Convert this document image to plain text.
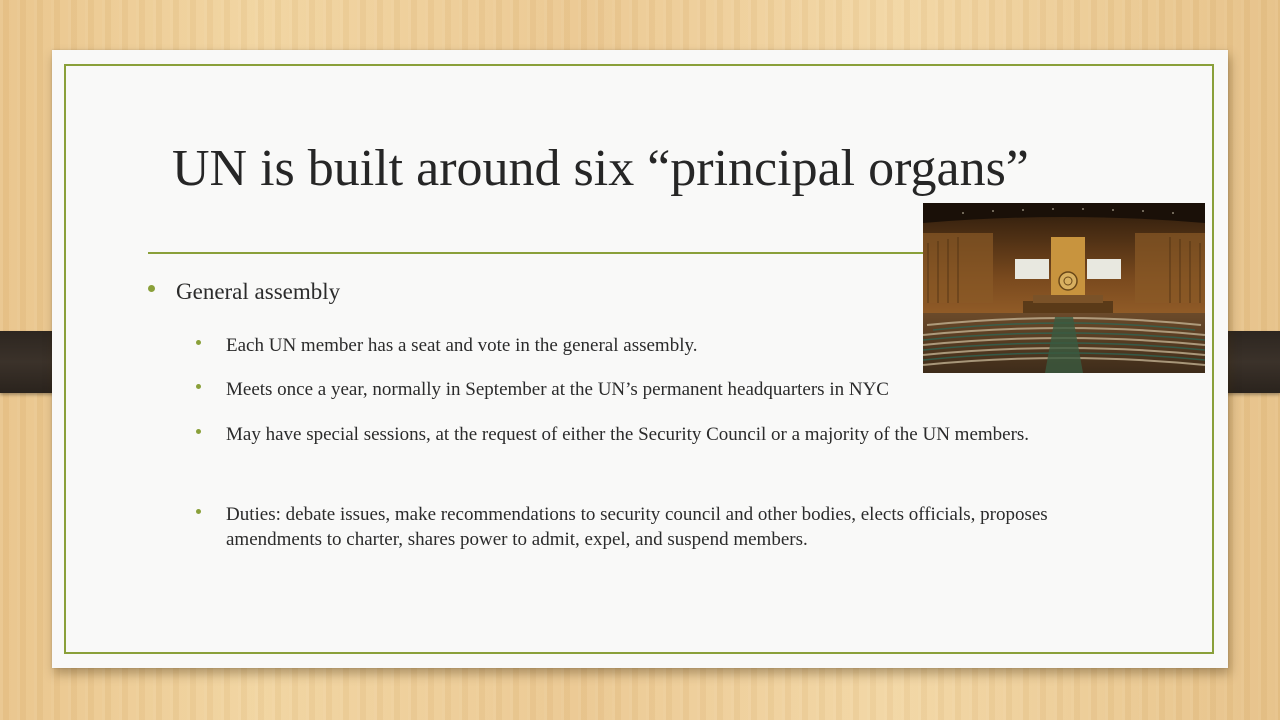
UN is built around six “principal organs”
General assembly
Each UN member has a seat and vote in the general assembly.
Meets once a year, normally in September at the UN’s permanent headquarters in NYC
May have special sessions, at the request of either the Security Council or a majority of the UN members.
Duties: debate issues, make recommendations to security council and other bodies, elects officials, proposes amendments to charter, shares power to admit, expel, and suspend members.
